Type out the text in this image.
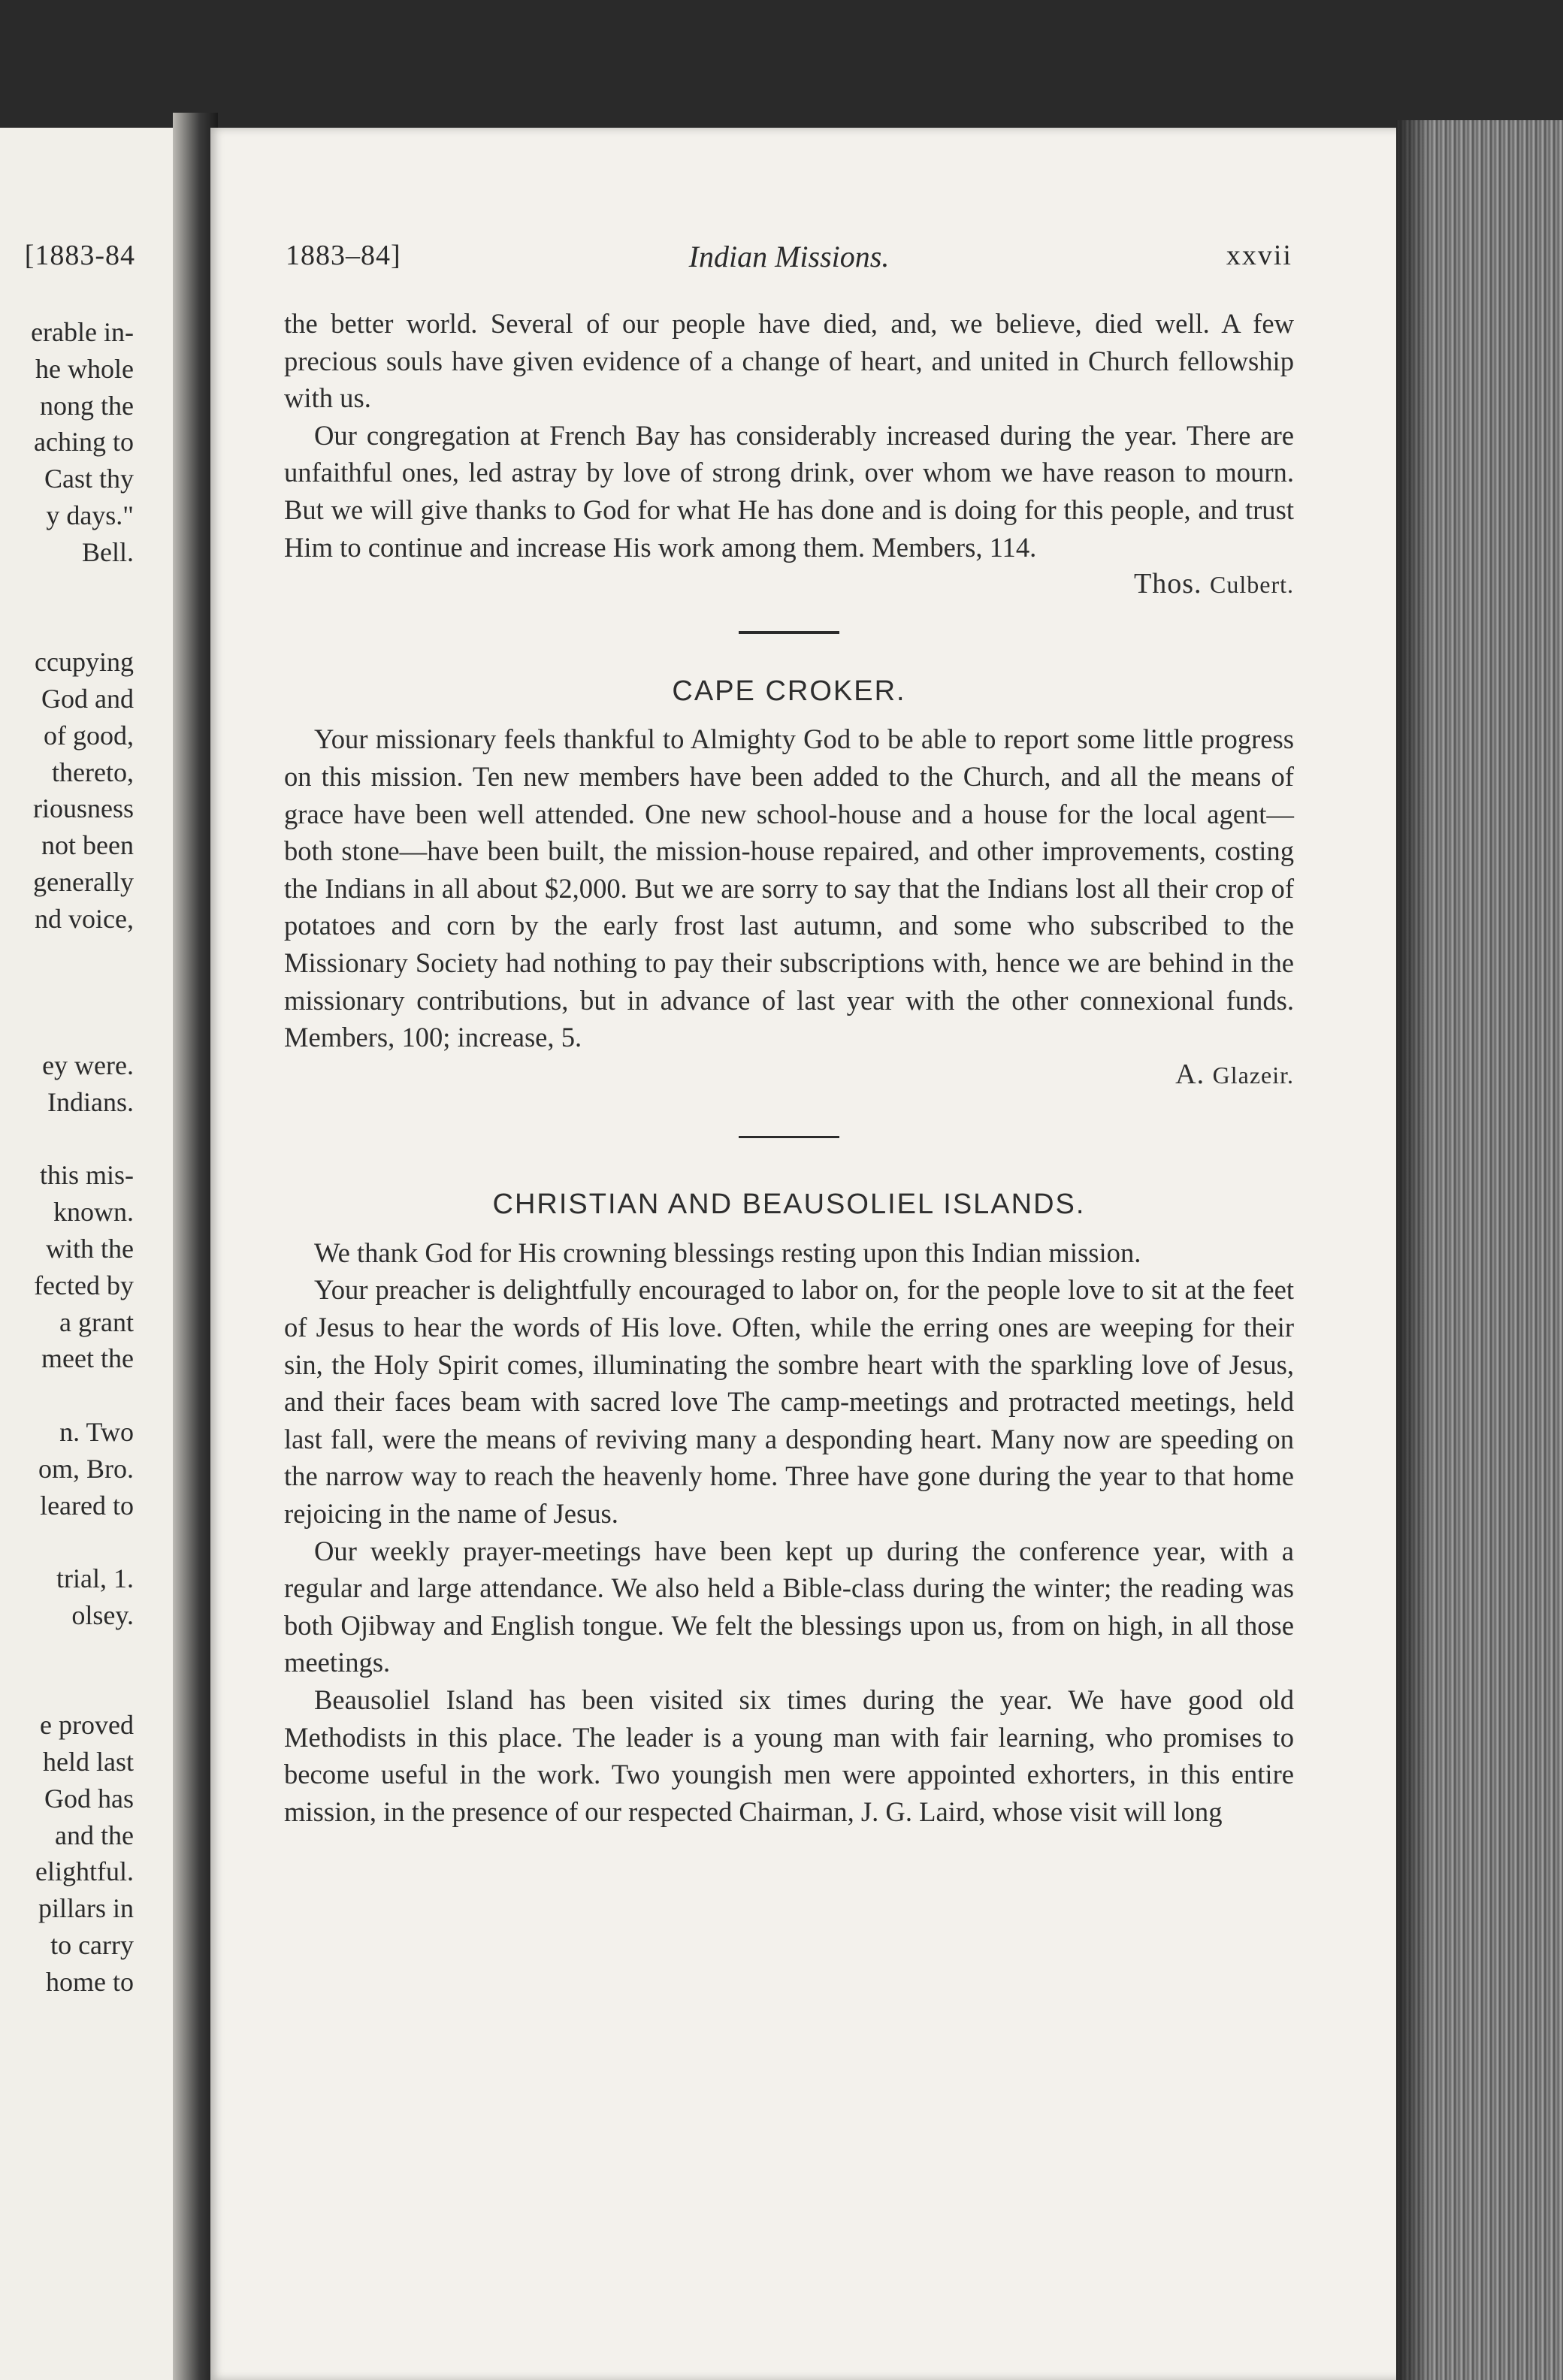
[1883-84
erable in-
he whole
nong the
aching to
Cast thy
y days."
Bell.
ccupying
God and
of good,
thereto,
riousness
not been
generally
nd voice,
ey were.
Indians.
this mis-
known.
with the
fected by
a grant
meet the
n. Two
om, Bro.
leared to
trial, 1.
olsey.
e proved
held last
God has
and the
elightful.
pillars in
to carry
home to
1883–84]	Indian Missions.	xxvii

the better world. Several of our people have died, and, we believe, died well. A few precious souls have given evidence of a change of heart, and united in Church fellowship with us.

Our congregation at French Bay has considerably increased during the year. There are unfaithful ones, led astray by love of strong drink, over whom we have reason to mourn. But we will give thanks to God for what He has done and is doing for this people, and trust Him to continue and increase His work among them. Members, 114.

Thos. Culbert.

CAPE CROKER.

Your missionary feels thankful to Almighty God to be able to report some little progress on this mission. Ten new members have been added to the Church, and all the means of grace have been well attended. One new school-house and a house for the local agent—both stone—have been built, the mission-house repaired, and other improvements, costing the Indians in all about $2,000. But we are sorry to say that the Indians lost all their crop of potatoes and corn by the early frost last autumn, and some who subscribed to the Missionary Society had nothing to pay their subscriptions with, hence we are behind in the missionary contributions, but in advance of last year with the other connexional funds. Members, 100; increase, 5.

A. Glazeir.

CHRISTIAN AND BEAUSOLIEL ISLANDS.

We thank God for His crowning blessings resting upon this Indian mission.

Your preacher is delightfully encouraged to labor on, for the people love to sit at the feet of Jesus to hear the words of His love. Often, while the erring ones are weeping for their sin, the Holy Spirit comes, illuminating the sombre heart with the sparkling love of Jesus, and their faces beam with sacred love The camp-meetings and protracted meetings, held last fall, were the means of reviving many a desponding heart. Many now are speeding on the narrow way to reach the heavenly home. Three have gone during the year to that home rejoicing in the name of Jesus.

Our weekly prayer-meetings have been kept up during the conference year, with a regular and large attendance. We also held a Bible-class during the winter; the reading was both Ojibway and English tongue. We felt the blessings upon us, from on high, in all those meetings.

Beausoliel Island has been visited six times during the year. We have good old Methodists in this place. The leader is a young man with fair learning, who promises to become useful in the work. Two youngish men were appointed exhorters, in this entire mission, in the presence of our respected Chairman, J. G. Laird, whose visit will long
